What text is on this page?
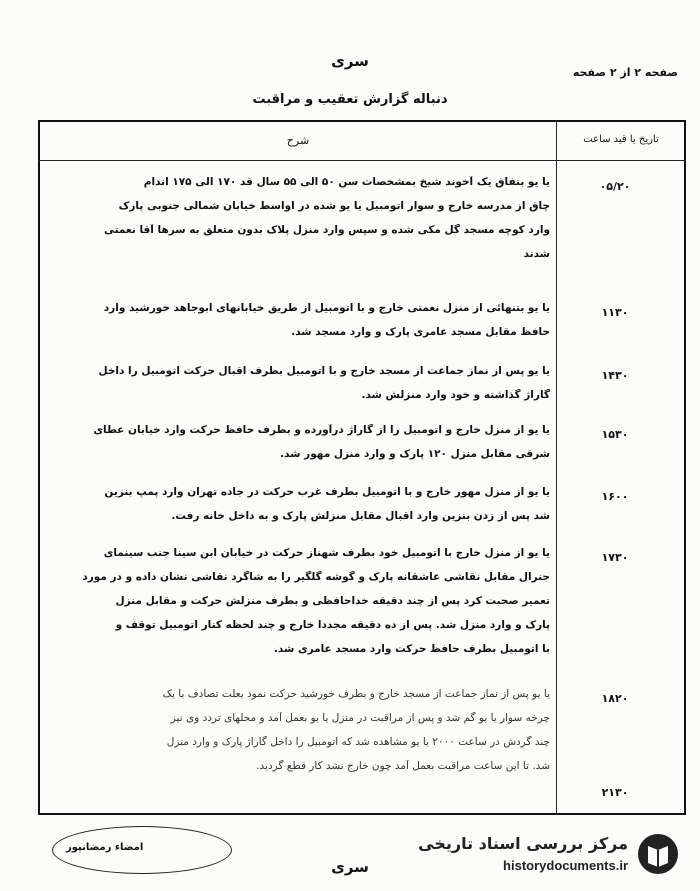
سری
صفحه ۲ از ۲ صفحه
دنباله گزارش تعقیب و مراقبت
شرح	تاریخ یا قید ساعت
۰۵/۲۰
یا یو بتفاق یک آخوند شیخ بمشخصات سن ۵۰ الی ۵۵ سال قد ۱۷۰ الی ۱۷۵ اندام
چاق از مدرسه خارج و سوار اتومبیل یا یو شده در اواسط خیابان شمالی جنوبی پارک
وارد کوچه مسجد گل مکی شده و سپس وارد منزل پلاک بدون متعلق به سرها آقا نعمتی
شدند
۱۱۳۰
یا یو بتنهائی از منزل نعمتی خارج و با اتومبیل از طریق خیابانهای ابوجاهد خورشید وارد
حافظ مقابل مسجد عامری پارک و وارد مسجد شد.
۱۴۳۰
یا یو پس از نماز جماعت از مسجد خارج و با اتومبیل بطرف اقبال حرکت اتومبیل را داخل
گاراژ گذاشته و خود وارد منزلش شد.
۱۵۳۰
یا یو از منزل خارج و اتومبیل را از گاراژ درآورده و بطرف حافظ حرکت وارد خیابان عطای
شرقی مقابل منزل ۱۲۰ پارک و وارد منزل مهور شد.
۱۶۰۰
یا یو از منزل مهور خارج و با اتومبیل بطرف غرب حرکت در جاده تهران وارد پمپ بنزین
شد پس از زدن بنزین وارد اقبال مقابل منزلش پارک و به داخل خانه رفت.
۱۷۳۰
یا یو از منزل خارج با اتومبیل خود بطرف شهناز حرکت در خیابان ابن سینا جنب سینمای
جنرال مقابل نقاشی عاشقانه پارک و گوشه گلگیر را به شاگرد نقاشی نشان داده و در مورد
تعمیر صحبت کرد پس از چند دقیقه خداحافظی و بطرف منزلش حرکت و مقابل منزل
پارک و وارد منزل شد. پس از ده دقیقه مجدداً خارج و چند لحظه کنار اتومبیل توقف و
با اتومبیل بطرف حافظ حرکت وارد مسجد عامری شد.
۱۸۲۰
یا یو پس از نماز جماعت از مسجد خارج و بطرف خورشید حرکت نمود بعلت تصادف با یک
چرخه سوار یا یو گم شد و پس از مراقبت در منزل یا یو بعمل آمد و محلهای تردد وی نیز
چند گردش در ساعت ۲۰۰۰ یا یو مشاهده شد که اتومبیل را داخل گاراژ پارک و وارد منزل
شد. تا این ساعت مراقبت بعمل آمد چون خارج نشد کار قطع گردید.
۲۱۳۰
امضاء رمضانپور
سری
مرکز بررسی اسناد تاریخی
historydocuments.ir
